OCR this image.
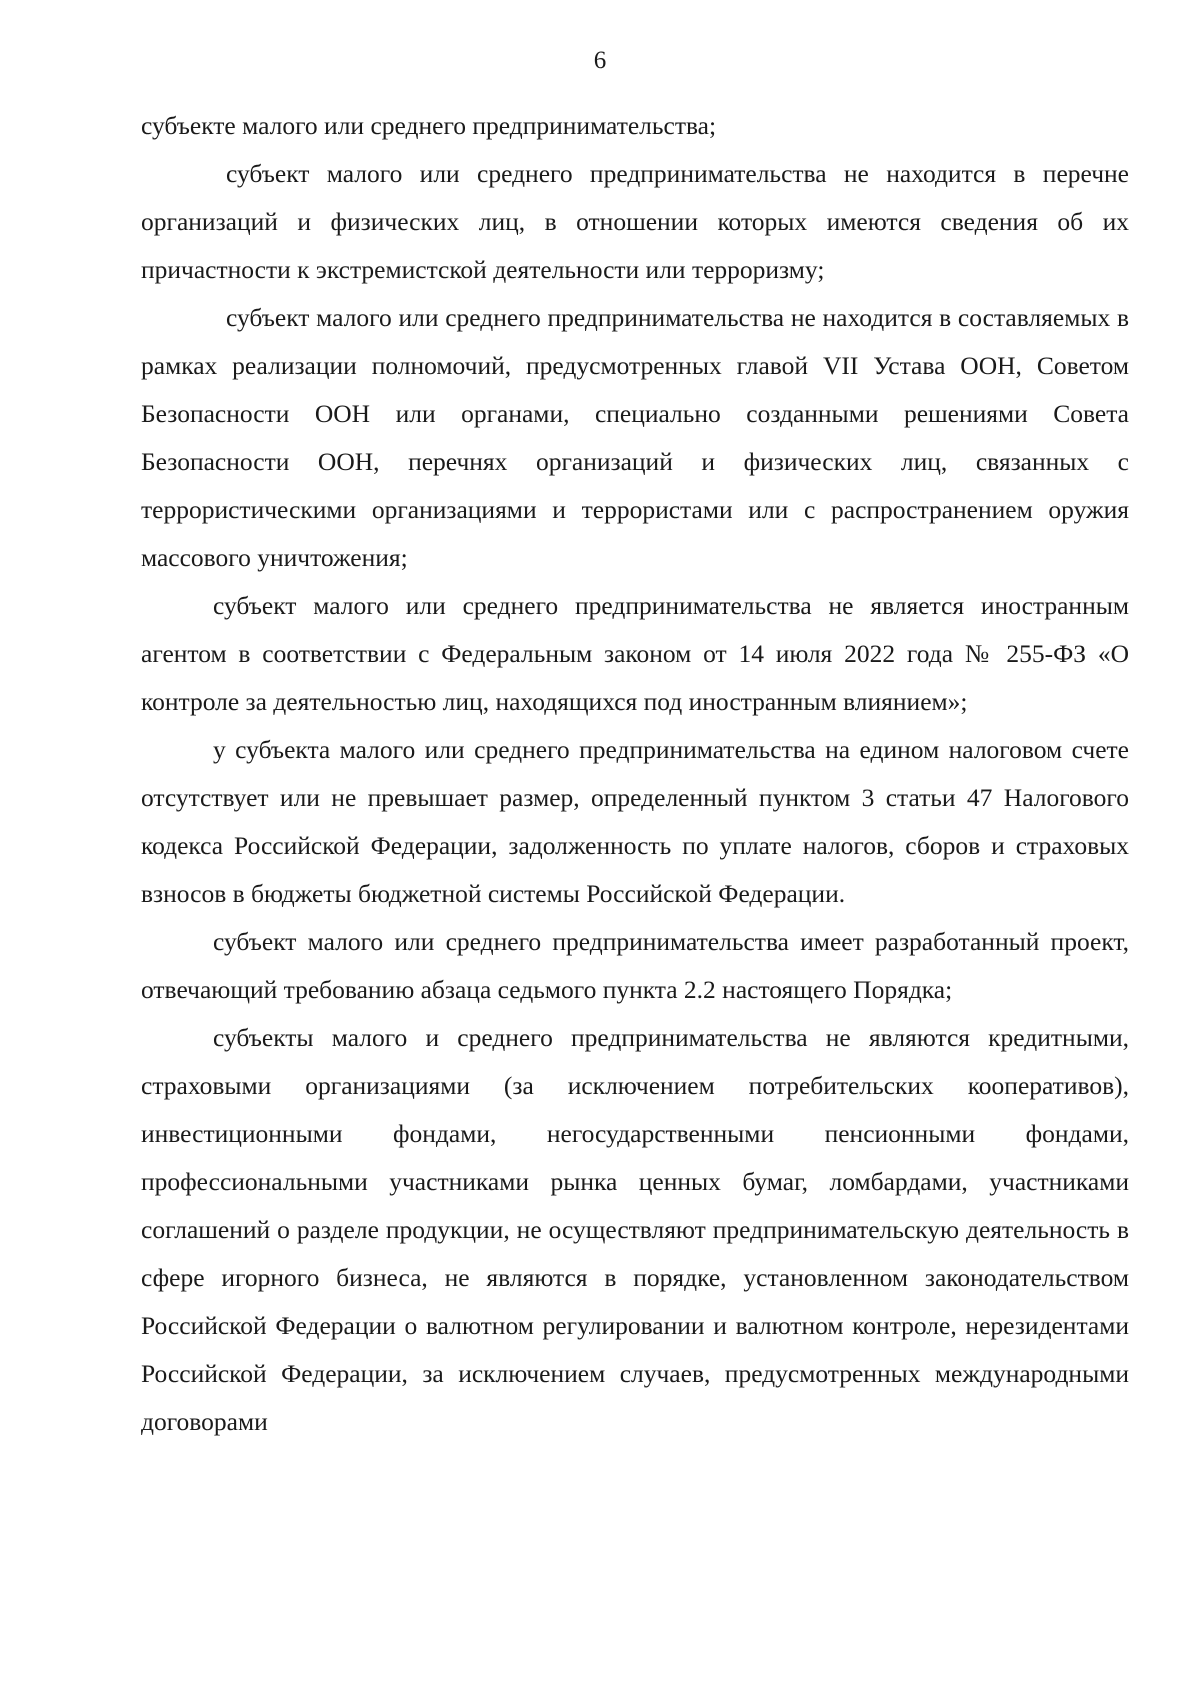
6

субъекте малого или среднего предпринимательства;

субъект малого или среднего предпринимательства не находится в перечне организаций и физических лиц, в отношении которых имеются сведения об их причастности к экстремистской деятельности или терроризму;

субъект малого или среднего предпринимательства не находится в составляемых в рамках реализации полномочий, предусмотренных главой VII Устава ООН, Советом Безопасности ООН или органами, специально созданными решениями Совета Безопасности ООН, перечнях организаций и физических лиц, связанных с террористическими организациями и террористами или с распространением оружия массового уничтожения;

субъект малого или среднего предпринимательства не является иностранным агентом в соответствии с Федеральным законом от 14 июля 2022 года № 255-ФЗ «О контроле за деятельностью лиц, находящихся под иностранным влиянием»;

у субъекта малого или среднего предпринимательства на едином налоговом счете отсутствует или не превышает размер, определенный пунктом 3 статьи 47 Налогового кодекса Российской Федерации, задолженность по уплате налогов, сборов и страховых взносов в бюджеты бюджетной системы Российской Федерации.

субъект малого или среднего предпринимательства имеет разработанный проект, отвечающий требованию абзаца седьмого пункта 2.2 настоящего Порядка;

субъекты малого и среднего предпринимательства не являются кредитными, страховыми организациями (за исключением потребительских кооперативов), инвестиционными фондами, негосударственными пенсионными фондами, профессиональными участниками рынка ценных бумаг, ломбардами, участниками соглашений о разделе продукции, не осуществляют предпринимательскую деятельность в сфере игорного бизнеса, не являются в порядке, установленном законодательством Российской Федерации о валютном регулировании и валютном контроле, нерезидентами Российской Федерации, за исключением случаев, предусмотренных международными договорами
